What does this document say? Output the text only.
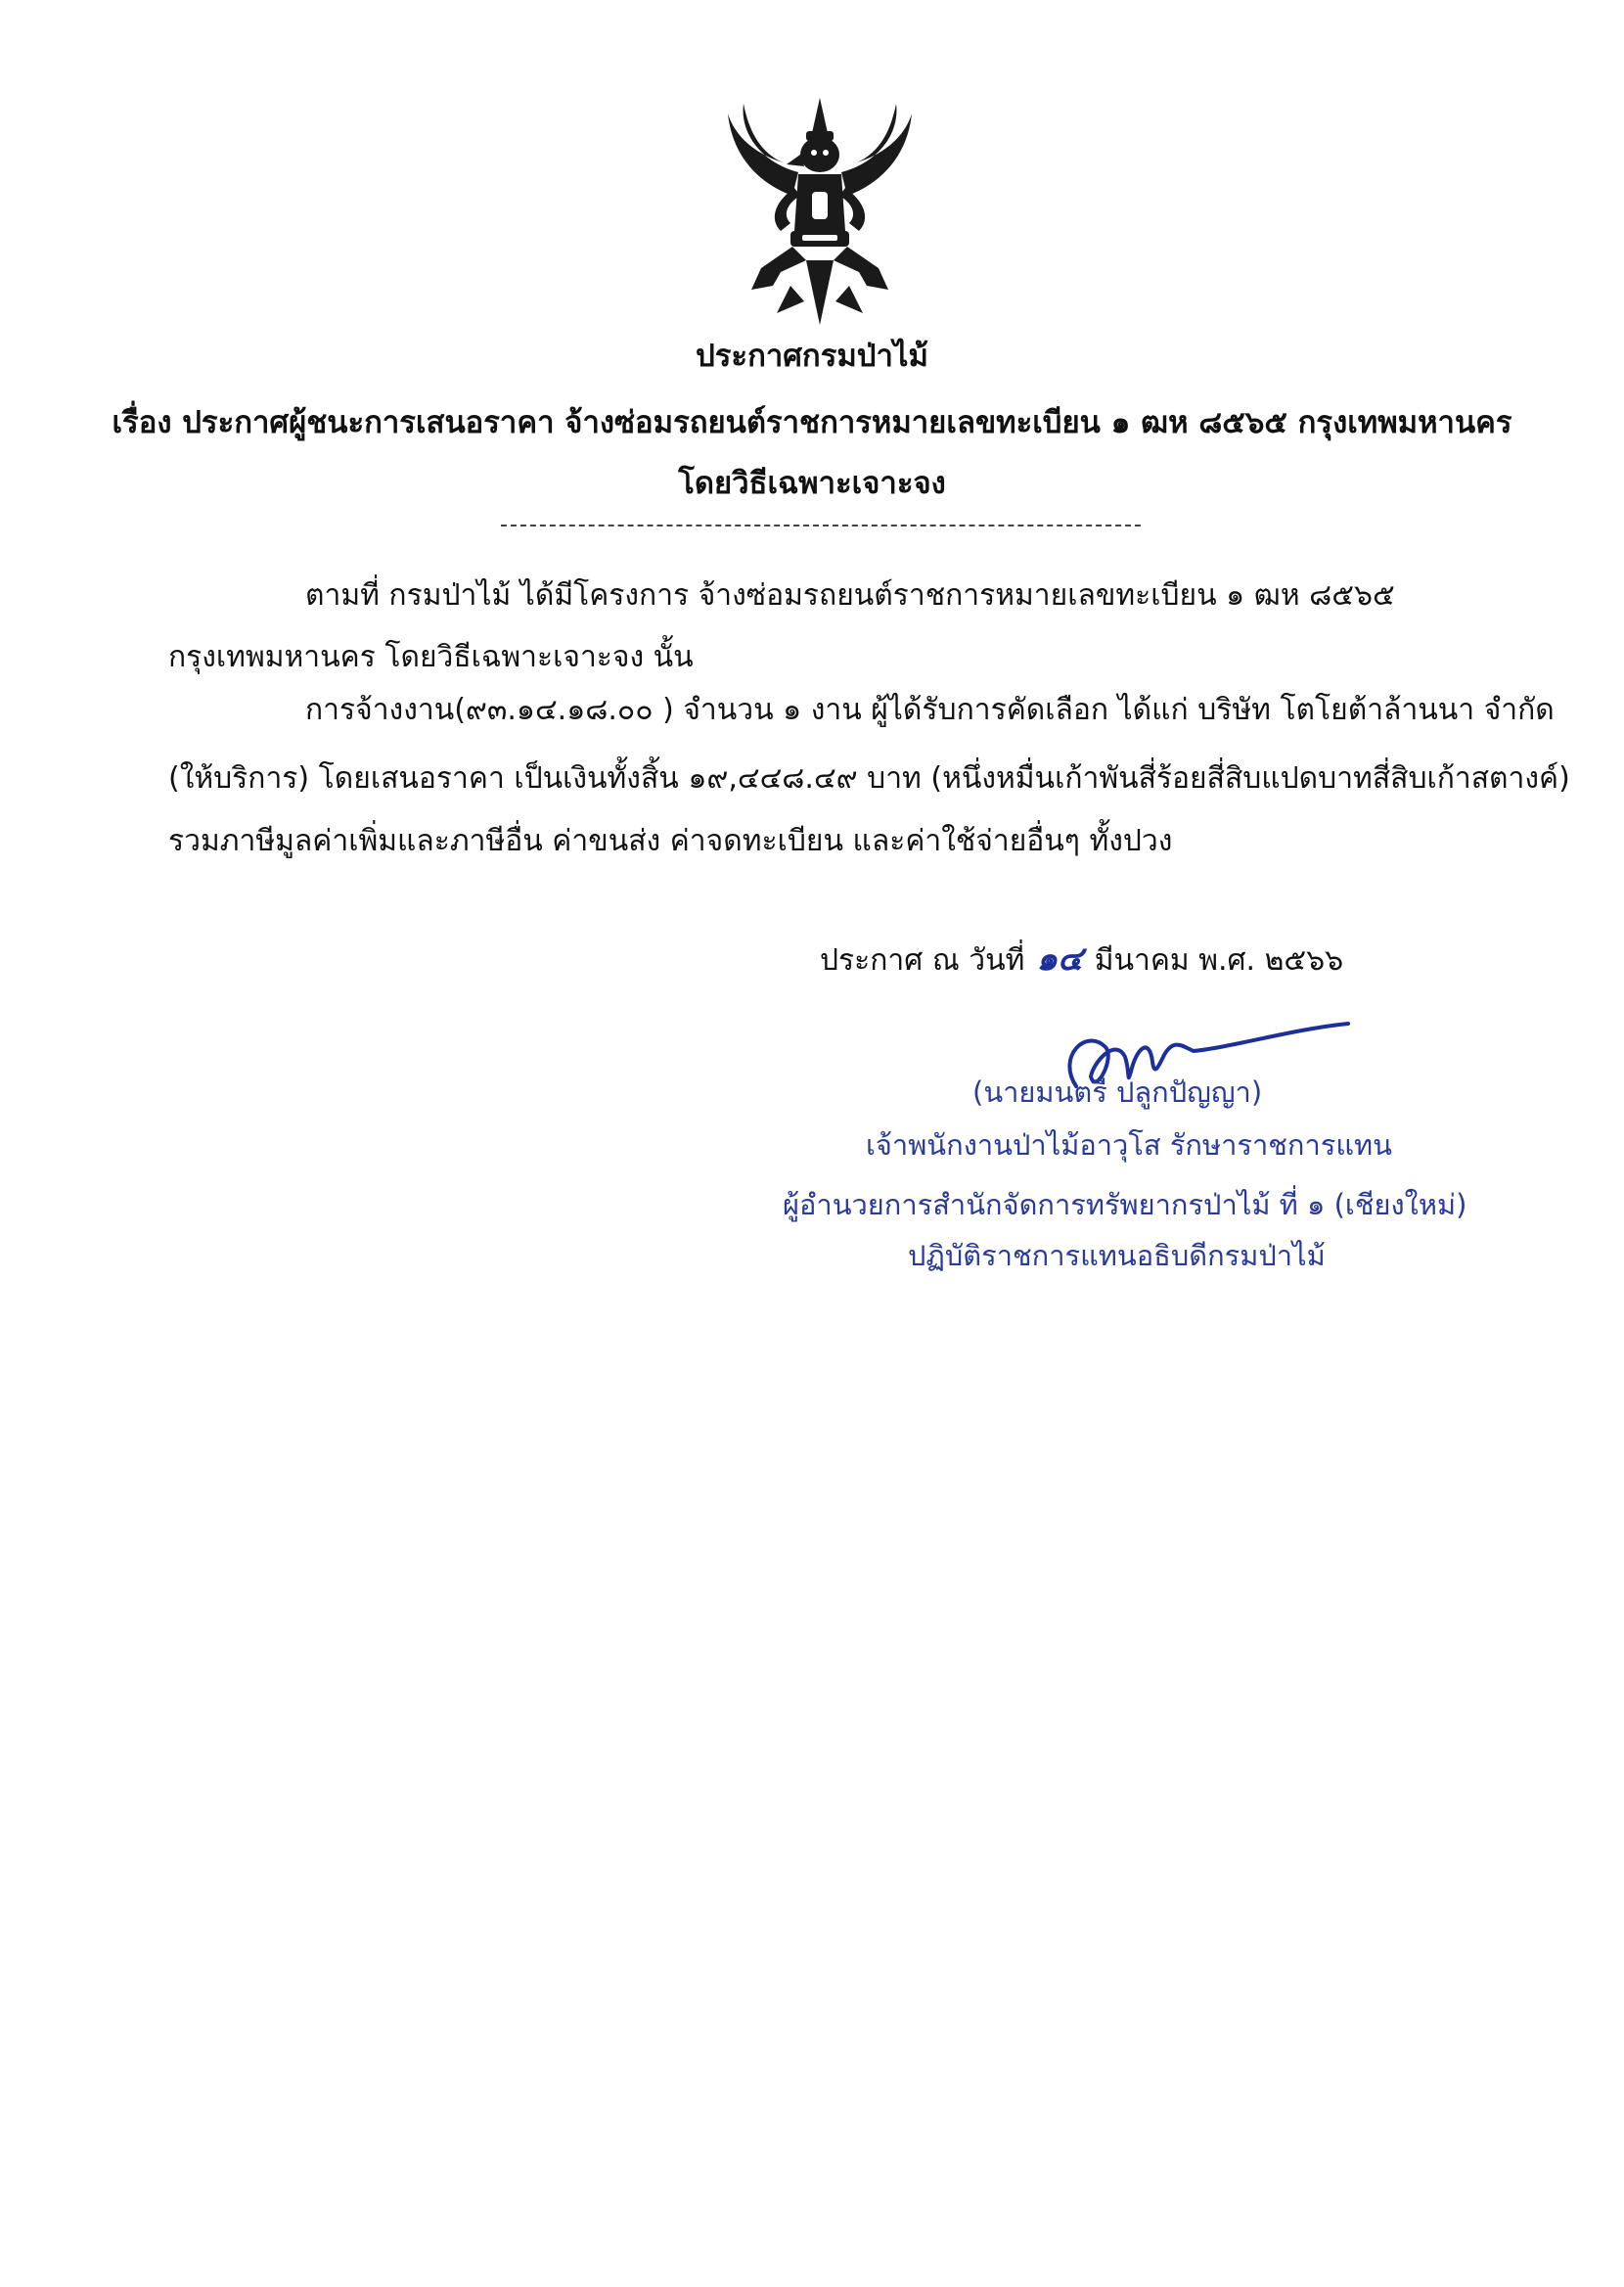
ประกาศกรมป่าไม้
เรื่อง ประกาศผู้ชนะการเสนอราคา จ้างซ่อมรถยนต์ราชการหมายเลขทะเบียน ๑ ฒห ๘๕๖๕ กรุงเทพมหานคร
โดยวิธีเฉพาะเจาะจง
ตามที่ กรมป่าไม้ ได้มีโครงการ จ้างซ่อมรถยนต์ราชการหมายเลขทะเบียน ๑ ฒห ๘๕๖๕
กรุงเทพมหานคร โดยวิธีเฉพาะเจาะจง นั้น
การจ้างงาน(๙๓.๑๔.๑๘.๐๐ ) จำนวน ๑ งาน ผู้ได้รับการคัดเลือก ได้แก่ บริษัท โตโยต้าล้านนา จำกัด
(ให้บริการ) โดยเสนอราคา เป็นเงินทั้งสิ้น ๑๙,๔๔๘.๔๙ บาท (หนึ่งหมื่นเก้าพันสี่ร้อยสี่สิบแปดบาทสี่สิบเก้าสตางค์)
รวมภาษีมูลค่าเพิ่มและภาษีอื่น ค่าขนส่ง ค่าจดทะเบียน และค่าใช้จ่ายอื่นๆ ทั้งปวง
ประกาศ ณ วันที่ ๑๔ มีนาคม พ.ศ. ๒๕๖๖
(นายมนตรี ปลูกปัญญา)
เจ้าพนักงานป่าไม้อาวุโส รักษาราชการแทน
ผู้อำนวยการสำนักจัดการทรัพยากรป่าไม้ ที่ ๑ (เชียงใหม่)
ปฏิบัติราชการแทนอธิบดีกรมป่าไม้
